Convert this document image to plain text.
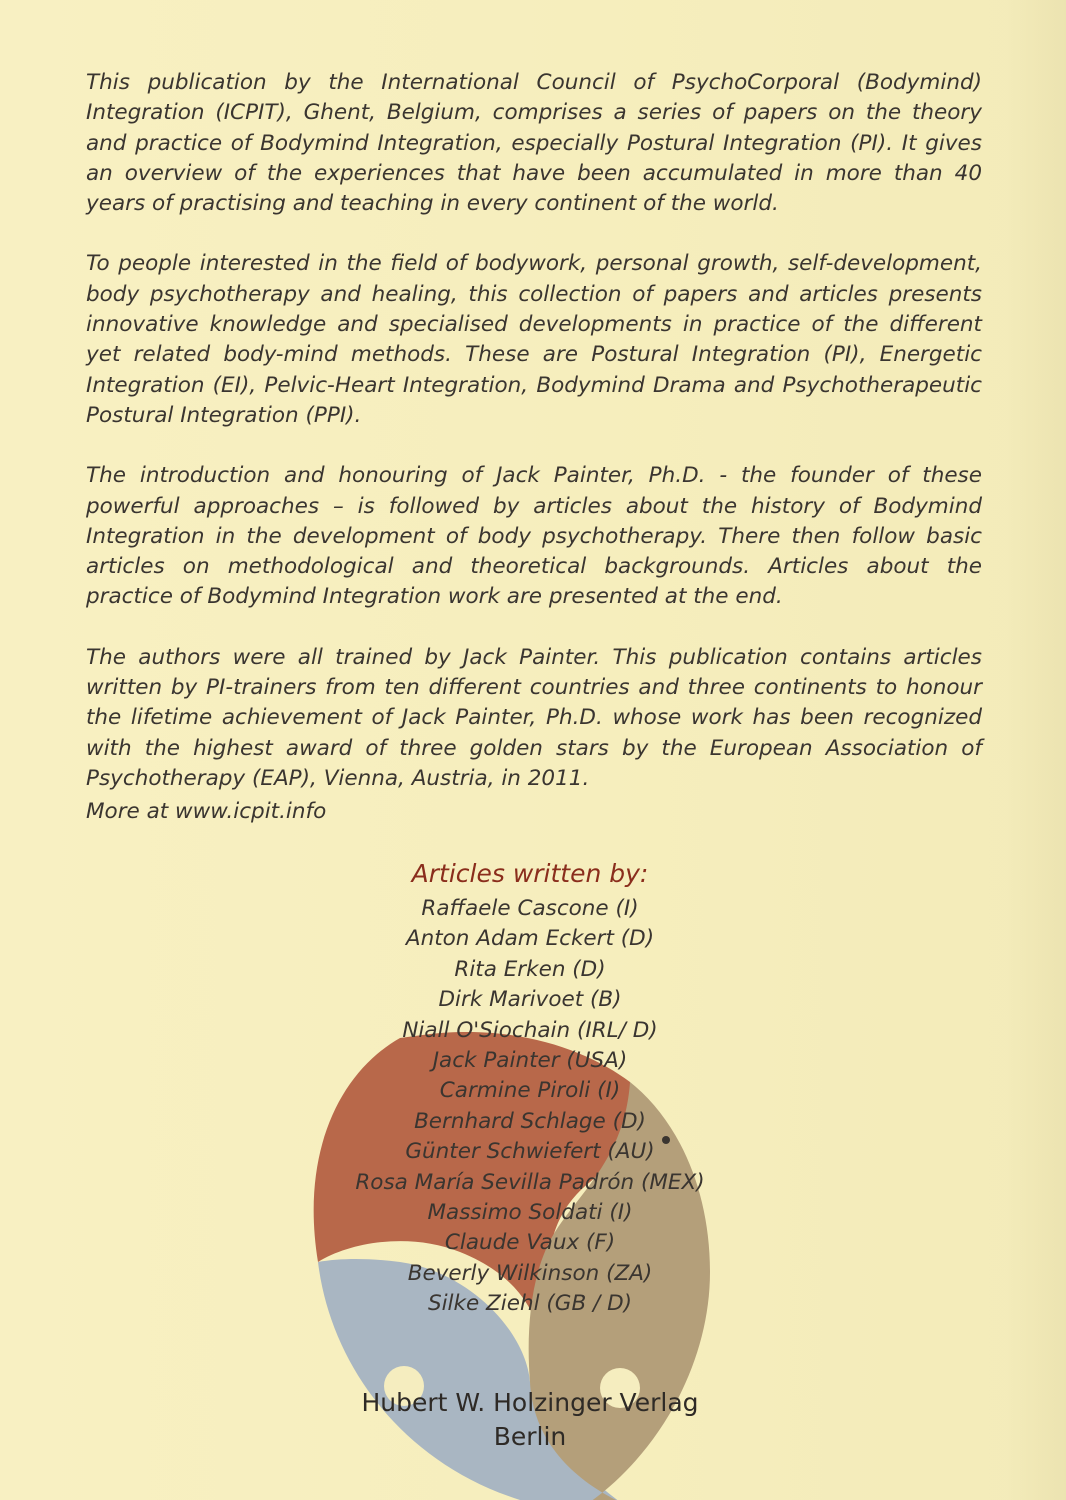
This publication by the International Council of PsychoCorporal (Bodymind) Integration (ICPIT), Ghent, Belgium, comprises a series of papers on the theory and practice of Bodymind Integration, especially Postural Integration (PI). It gives an overview of the experiences that have been accumulated in more than 40 years of practising and teaching in every continent of the world.

To people interested in the field of bodywork, personal growth, self-development, body psychotherapy and healing, this collection of papers and articles presents innovative knowledge and specialised developments in practice of the different yet related body-mind methods. These are Postural Integration (PI), Energetic Integration (EI), Pelvic-Heart Integration, Bodymind Drama and Psychotherapeutic Postural Integration (PPI).

The introduction and honouring of Jack Painter, Ph.D. - the founder of these powerful approaches – is followed by articles about the history of Bodymind Integration in the development of body psychotherapy. There then follow basic articles on methodological and theoretical backgrounds. Articles about the practice of Bodymind Integration work are presented at the end.

The authors were all trained by Jack Painter. This publication contains articles written by PI-trainers from ten different countries and three continents to honour the lifetime achievement of Jack Painter, Ph.D. whose work has been recognized with the highest award of three golden stars by the European Association of Psychotherapy (EAP), Vienna, Austria, in 2011.

More at www.icpit.info
Articles written by:
Raffaele Cascone (I)
Anton Adam Eckert (D)
Rita Erken (D)
Dirk Marivoet (B)
Niall O'Siochain (IRL/ D)
Jack Painter (USA)
Carmine Piroli (I)
Bernhard Schlage (D)
Günter Schwiefert (AU)
Rosa María Sevilla Padrón (MEX)
Massimo Soldati (I)
Claude Vaux (F)
Beverly Wilkinson (ZA)
Silke Ziehl (GB / D)
Hubert W. Holzinger Verlag
Berlin
